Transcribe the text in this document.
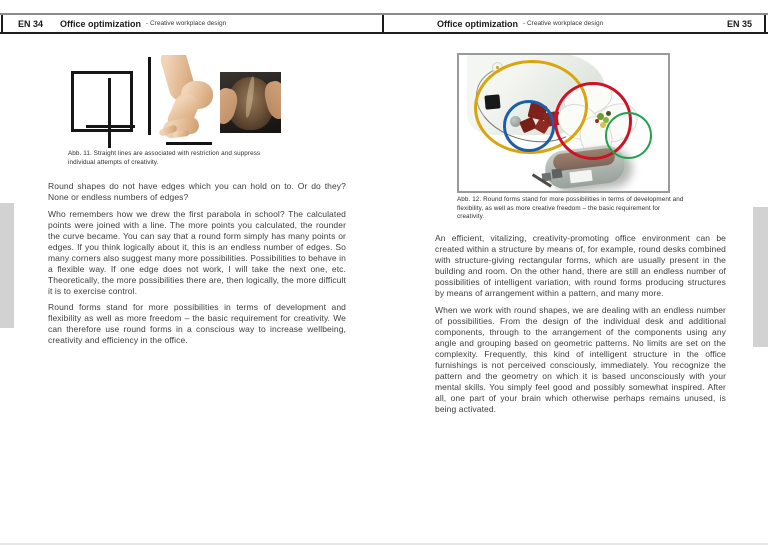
EN 34 Office optimization - Creative workplace design	Office optimization - Creative workplace design	EN 35
Abb. 11. Straight lines are associated with restriction and suppress individual attempts of creativity.

Round shapes do not have edges which you can hold on to. Or do they? None or endless numbers of edges?

Who remembers how we drew the first parabola in school? The calculated points were joined with a line. The more points you calculated, the rounder the curve became. You can say that a round form simply has many points or edges. If you think logically about it, this is an endless number of edges. So many corners also suggest many more possibilities. Possibilities to behave in a flexible way. If one edge does not work, I will take the next one, etc. Theoretically, the more possibilities there are, then logically, the more difficult it is to exercise control.

Round forms stand for more possibilities in terms of development and flexibility as well as more freedom – the basic requirement for creativity. We can therefore use round forms in a conscious way to increase wellbeing, creativity and efficiency in the office.

Abb. 12. Round forms stand for more possibilities in terms of development and flexibility, as well as more creative freedom – the basic requirement for creativity.

An efficient, vitalizing, creativity-promoting office environment can be created within a structure by means of, for example, round desks combined with structure-giving rectangular forms, which are usually present in the building and room. On the other hand, there are still an endless number of possibilities of intelligent variation, with round forms producing structures by means of arrangement within a pattern, and many more.

When we work with round shapes, we are dealing with an endless number of possibilities. From the design of the individual desk and additional components, through to the arrangement of the components using any angle and grouping based on geometric patterns. No limits are set on the complexity. Frequently, this kind of intelligent structure in the office furnishings is not perceived consciously, immediately. You recognize the pattern and the geometry on which it is based unconsciously with your mental skills. You simply feel good and possibly somewhat inspired. After all, one part of your brain which otherwise perhaps remains unused, is being activated.
